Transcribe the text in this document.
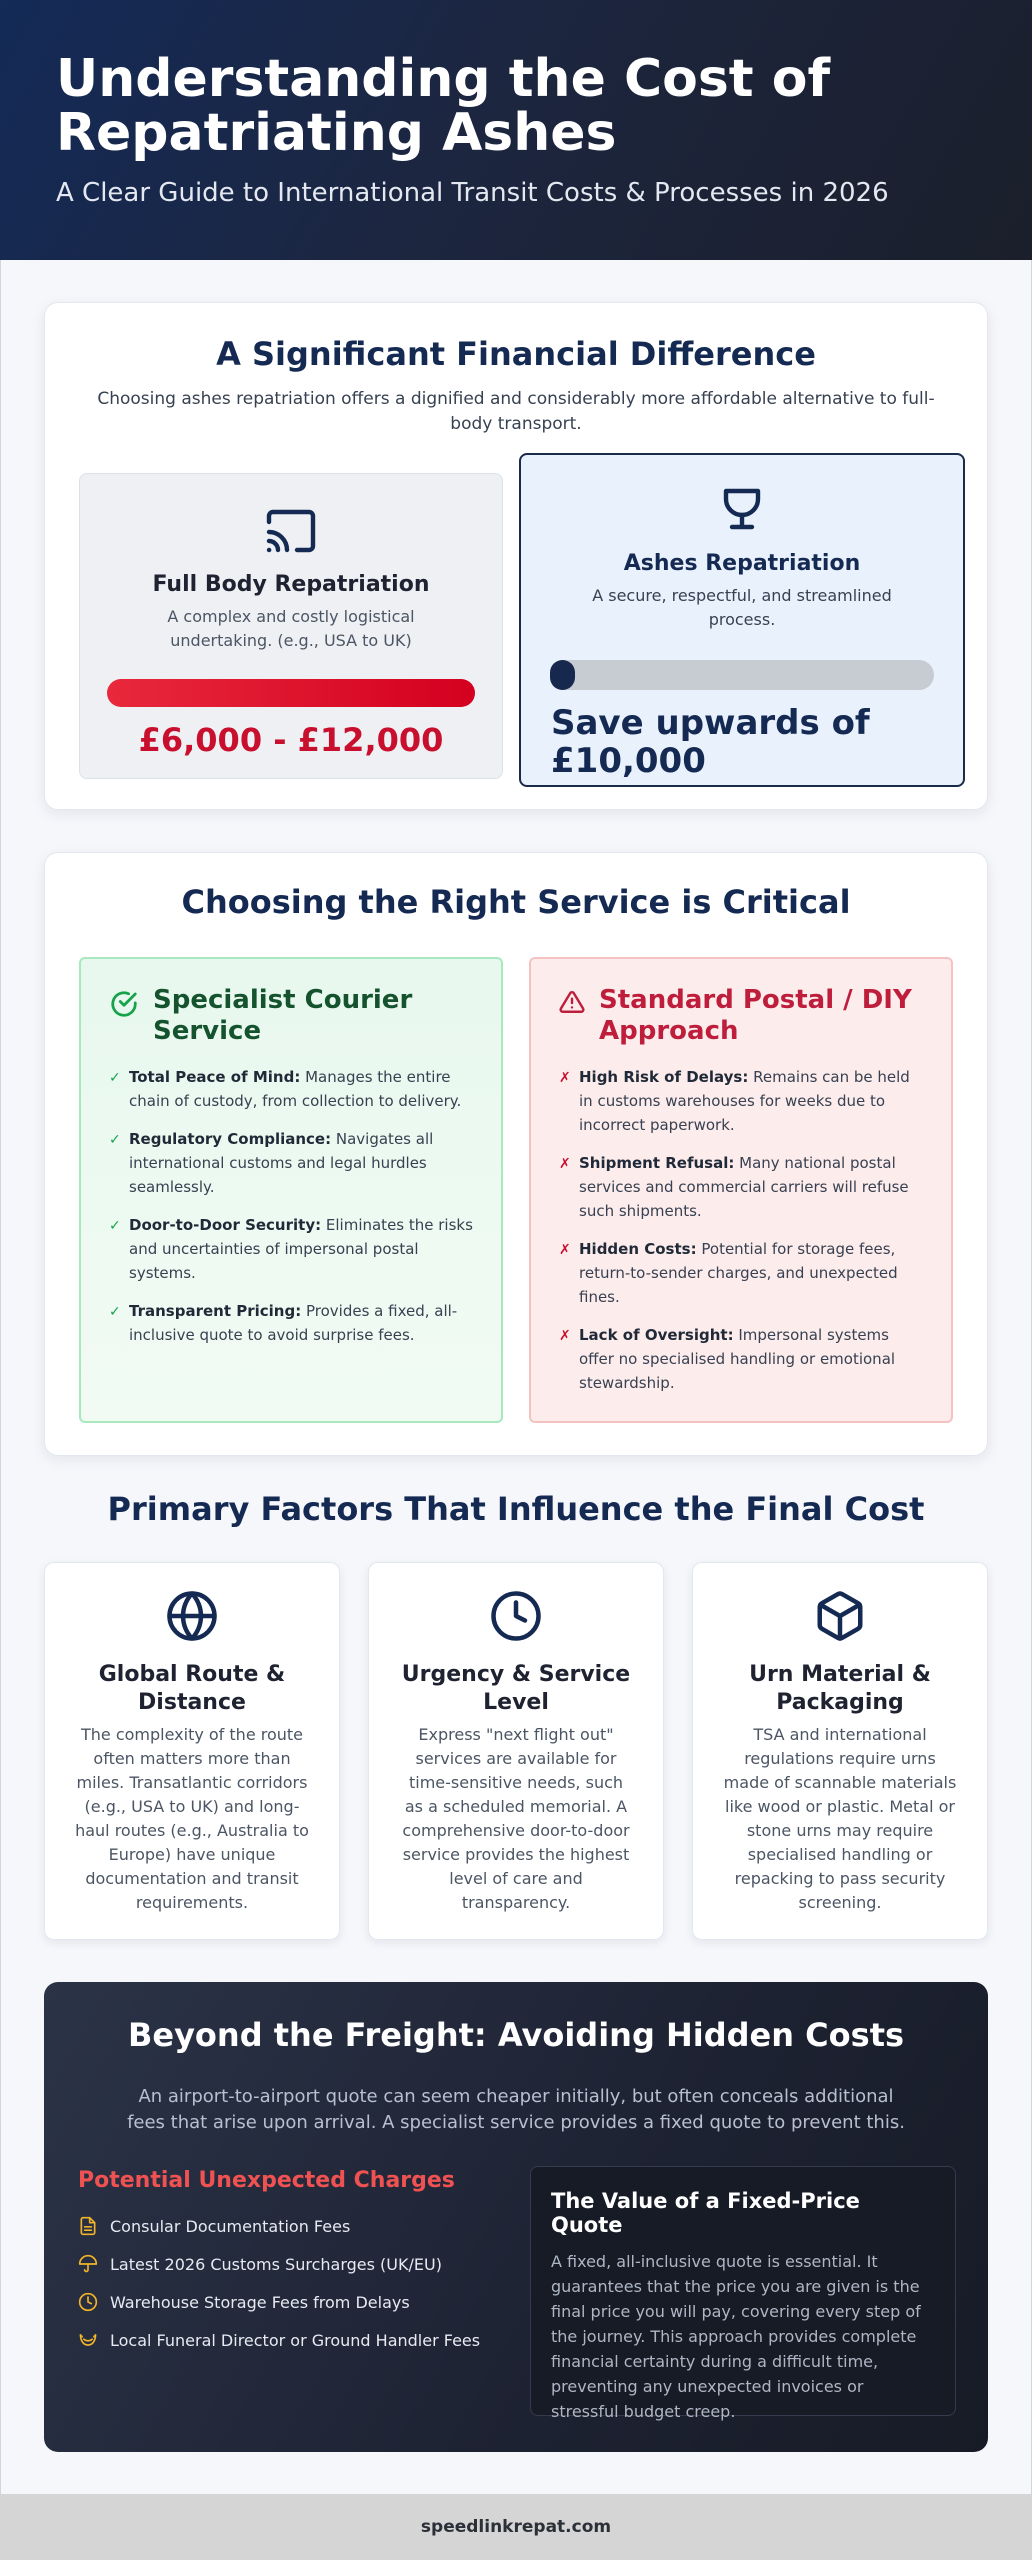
Understanding the Cost of Repatriating Ashes

A Clear Guide to International Transit Costs & Processes in 2026

A Significant Financial Difference

Choosing ashes repatriation offers a dignified and considerably more affordable alternative to full-body transport.

Full Body Repatriation

A complex and costly logistical undertaking. (e.g., USA to UK)

£6,000 - £12,000
Ashes Repatriation

A secure, respectful, and streamlined process.

Save upwards of £10,000
Choosing the Right Service is Critical
Specialist Courier Service
✓ Total Peace of Mind: Manages the entire chain of custody, from collection to delivery.
✓ Regulatory Compliance: Navigates all international customs and legal hurdles seamlessly.
✓ Door-to-Door Security: Eliminates the risks and uncertainties of impersonal postal systems.
✓ Transparent Pricing: Provides a fixed, all-inclusive quote to avoid surprise fees.
Standard Postal / DIY Approach
✗ High Risk of Delays: Remains can be held in customs warehouses for weeks due to incorrect paperwork.
✗ Shipment Refusal: Many national postal services and commercial carriers will refuse such shipments.
✗ Hidden Costs: Potential for storage fees, return-to-sender charges, and unexpected fines.
✗ Lack of Oversight: Impersonal systems offer no specialised handling or emotional stewardship.
Primary Factors That Influence the Final Cost
Global Route & Distance

The complexity of the route often matters more than miles. Transatlantic corridors (e.g., USA to UK) and long-haul routes (e.g., Australia to Europe) have unique documentation and transit requirements.

Urgency & Service Level

Express "next flight out" services are available for time-sensitive needs, such as a scheduled memorial. A comprehensive door-to-door service provides the highest level of care and transparency.

Urn Material & Packaging

TSA and international regulations require urns made of scannable materials like wood or plastic. Metal or stone urns may require specialised handling or repacking to pass security screening.

Beyond the Freight: Avoiding Hidden Costs

An airport-to-airport quote can seem cheaper initially, but often conceals additional fees that arise upon arrival. A specialist service provides a fixed quote to prevent this.

Potential Unexpected Charges
Consular Documentation Fees
Latest 2026 Customs Surcharges (UK/EU)
Warehouse Storage Fees from Delays
Local Funeral Director or Ground Handler Fees
The Value of a Fixed-Price Quote

A fixed, all-inclusive quote is essential. It guarantees that the price you are given is the final price you will pay, covering every step of the journey. This approach provides complete financial certainty during a difficult time, preventing any unexpected invoices or stressful budget creep.

speedlinkrepat.com
